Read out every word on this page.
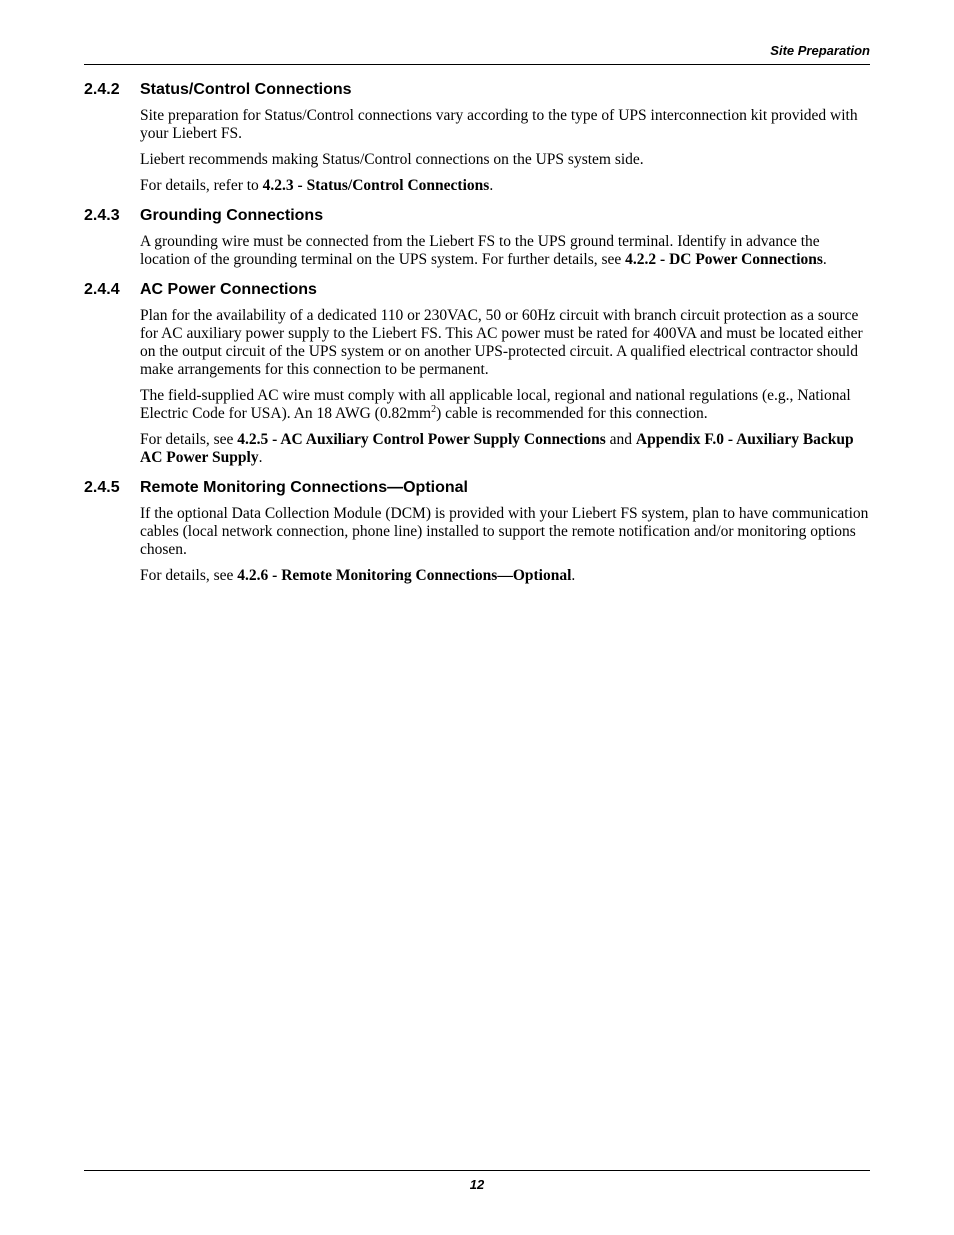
Site Preparation
2.4.2	Status/Control Connections

Site preparation for Status/Control connections vary according to the type of UPS interconnection kit provided with your Liebert FS.

Liebert recommends making Status/Control connections on the UPS system side.

For details, refer to 4.2.3 - Status/Control Connections.

2.4.3	Grounding Connections

A grounding wire must be connected from the Liebert FS to the UPS ground terminal. Identify in advance the location of the grounding terminal on the UPS system. For further details, see 4.2.2 - DC Power Connections.

2.4.4	AC Power Connections

Plan for the availability of a dedicated 110 or 230VAC, 50 or 60Hz circuit with branch circuit protection as a source for AC auxiliary power supply to the Liebert FS. This AC power must be rated for 400VA and must be located either on the output circuit of the UPS system or on another UPS-protected circuit. A qualified electrical contractor should make arrangements for this connection to be permanent.

The field-supplied AC wire must comply with all applicable local, regional and national regulations (e.g., National Electric Code for USA). An 18 AWG $(0.82mm^2)$ cable is recommended for this connection.

For details, see 4.2.5 - AC Auxiliary Control Power Supply Connections and Appendix F.0 - Auxiliary Backup AC Power Supply.

2.4.5	Remote Monitoring Connections—Optional

If the optional Data Collection Module (DCM) is provided with your Liebert FS system, plan to have communication cables (local network connection, phone line) installed to support the remote notification and/or monitoring options chosen.

For details, see 4.2.6 - Remote Monitoring Connections—Optional.

12
